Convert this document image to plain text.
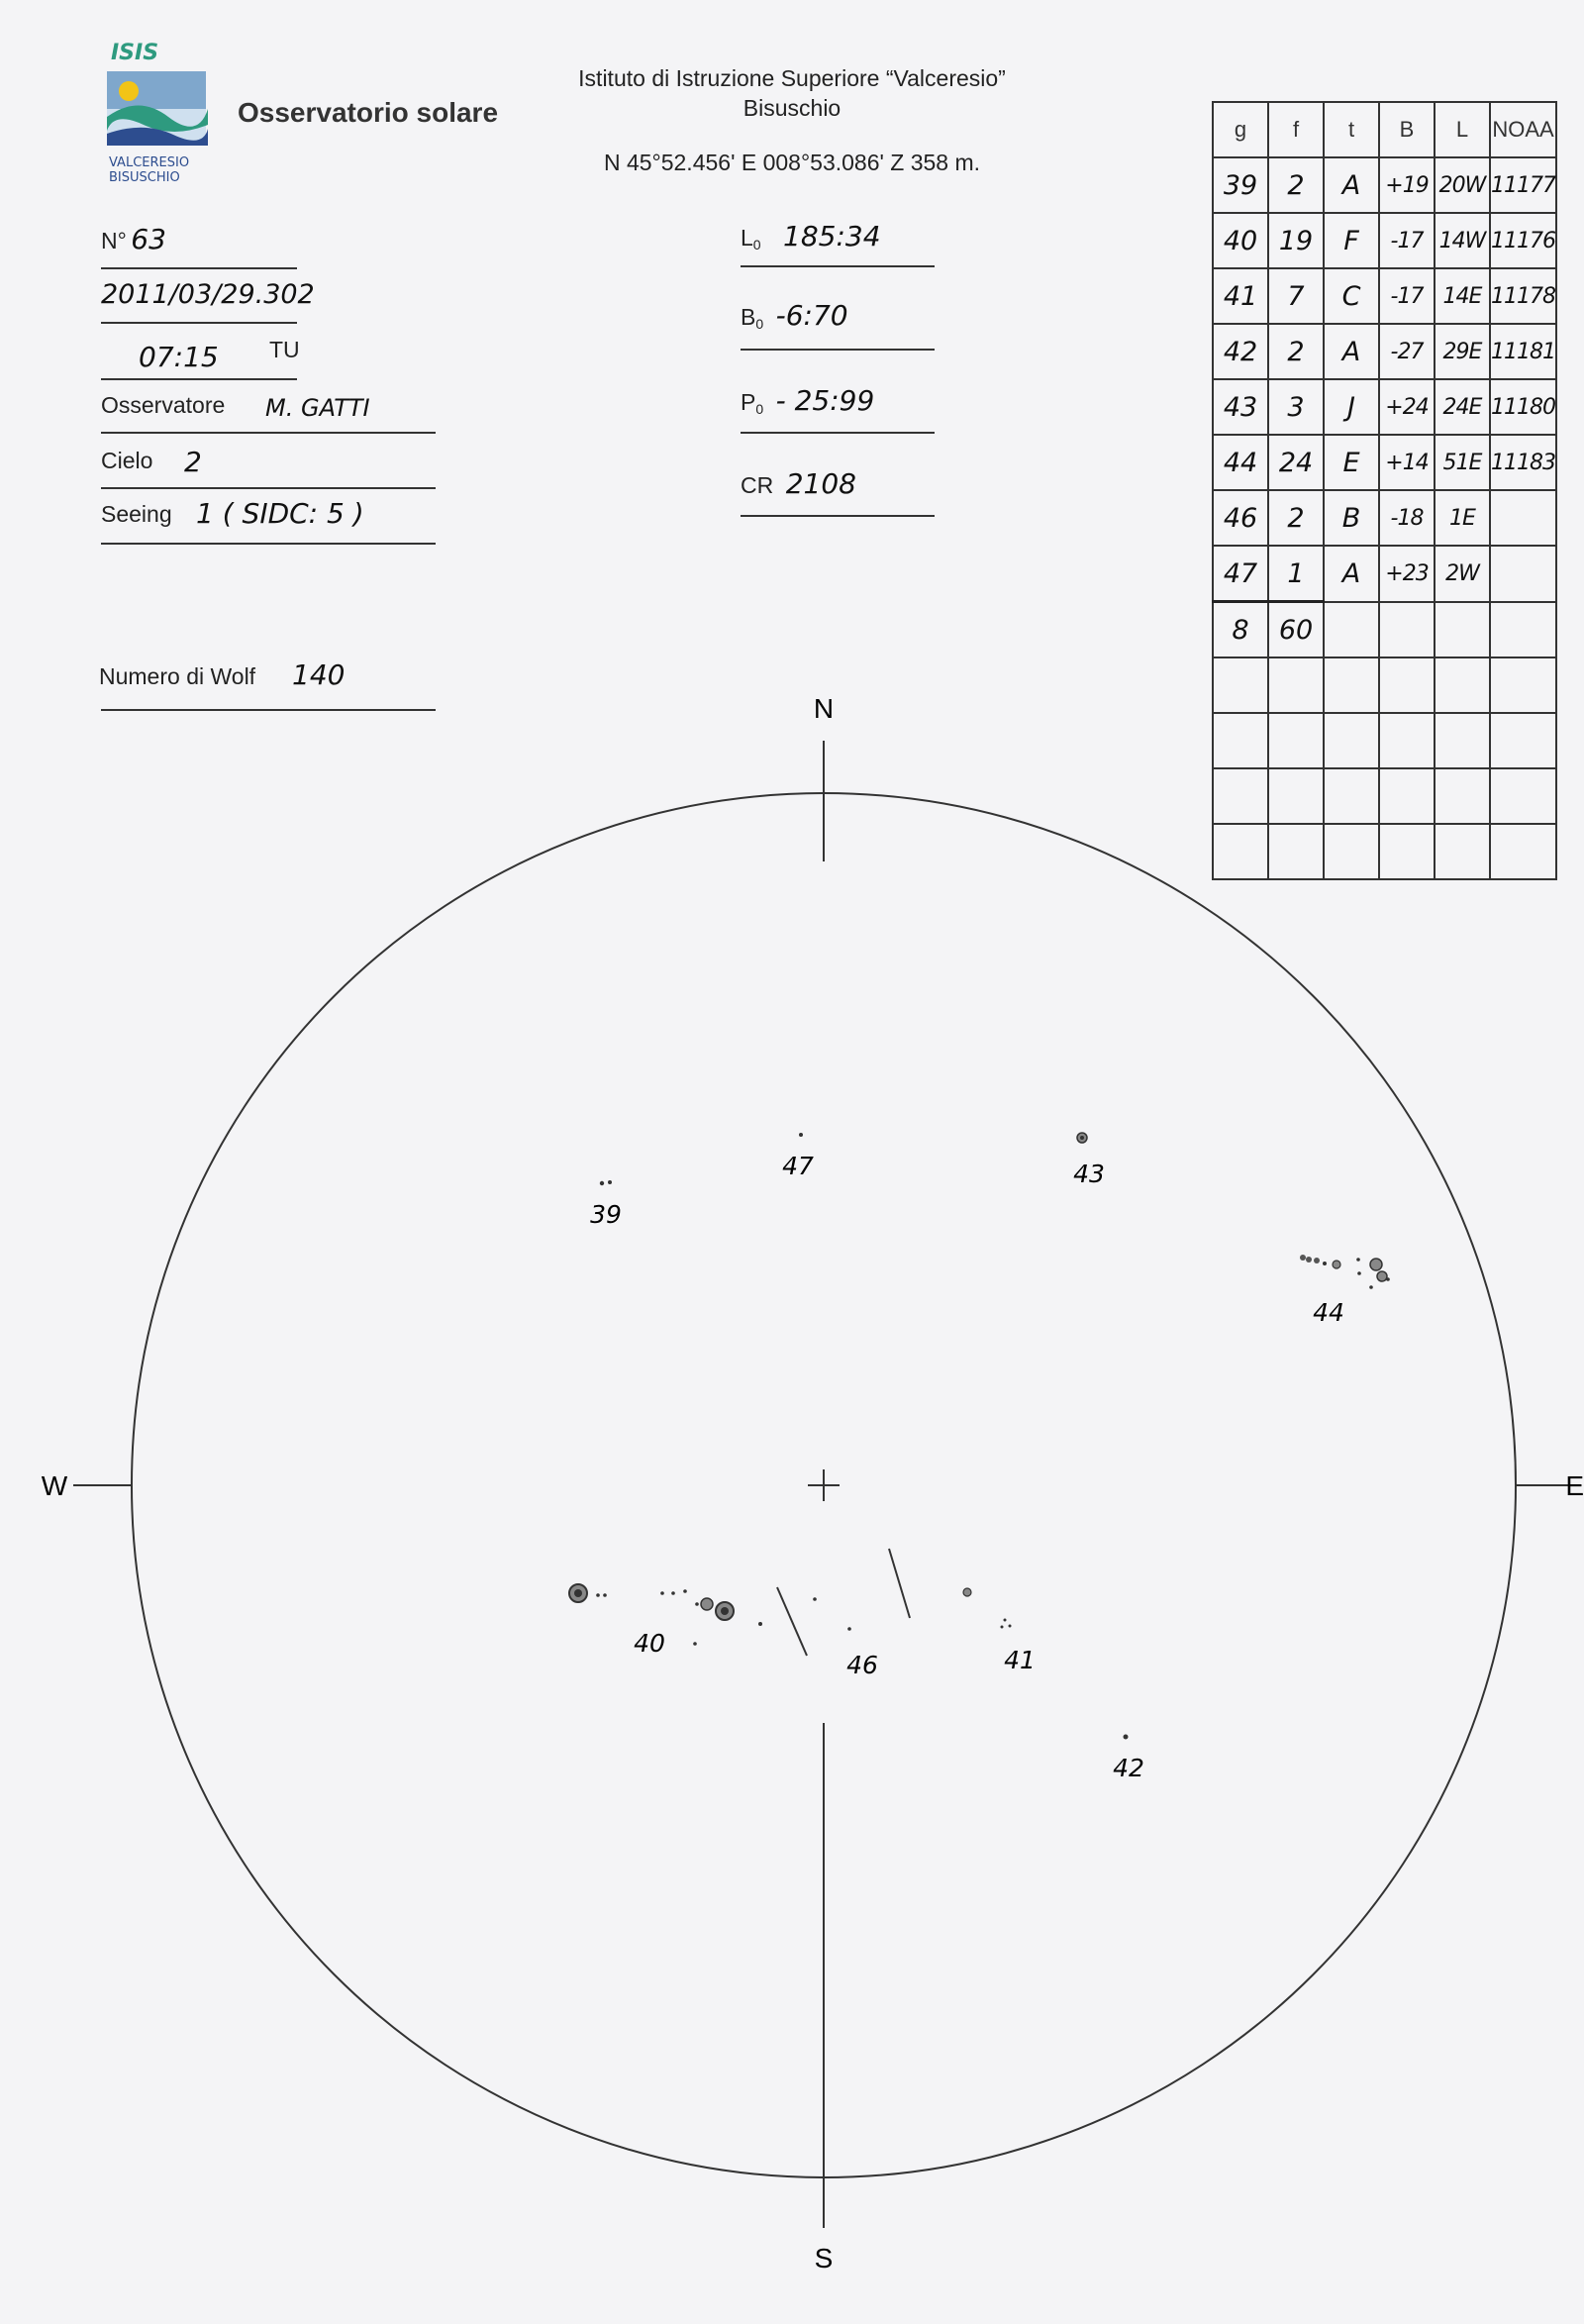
ISIS
VALCERESIO
BISUSCHIO
Osservatorio solare
Istituto di Istruzione Superiore “Valceresio”
Bisuschio
N 45°52.456' E 008°53.086' Z 358 m.
N° 63
2011/03/29.302
07:15 TU
Osservatore M. GATTI
Cielo 2
Seeing 1 ( SIDC: 5 )
Numero di Wolf 140
$L_0$ 185:34
$B_0$ -6:70
$P_0$ - 25:99
CR 2108
g	f	t	B	L	NOAA
39	2	A	+19	20W	11177
40	19	F	-17	14W	11176
41	7	C	-17	14E	11178
42	2	A	-27	29E	11181
43	3	J	+24	24E	11180
44	24	E	+14	51E	11183
46	2	B	-18	1E	
47	1	A	+23	2W	
8	60				

N
S
W	E
39
47	43
44
40
46	41
42
